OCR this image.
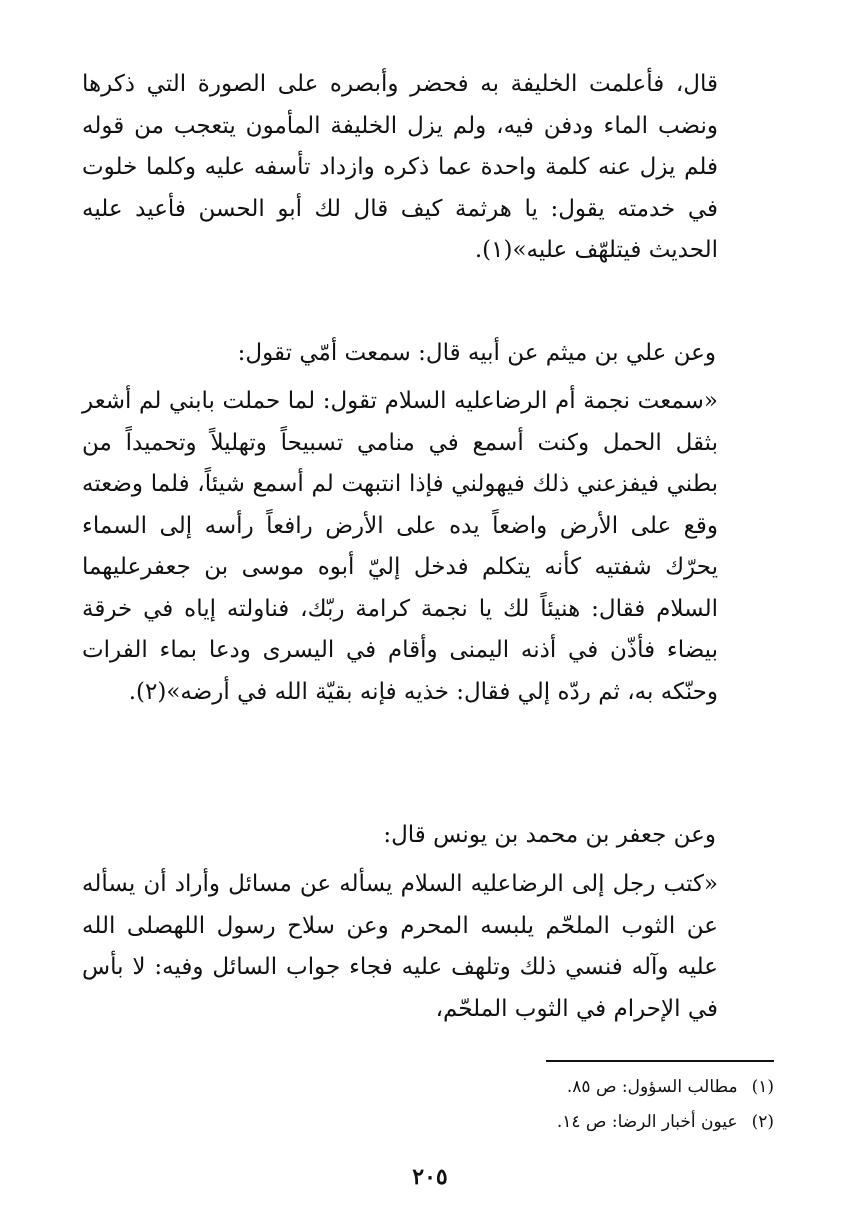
قال، فأعلمت الخليفة به فحضر وأبصره على الصورة التي ذكرها ونضب الماء ودفن فيه، ولم يزل الخليفة المأمون يتعجب من قوله فلم يزل عنه كلمة واحدة عما ذكره وازداد تأسفه عليه وكلما خلوت في خدمته يقول: يا هرثمة كيف قال لك أبو الحسن فأعيد عليه الحديث فيتلهّف عليه»(١).

وعن علي بن ميثم عن أبيه قال: سمعت أمّي تقول:

«سمعت نجمة أم الرضاعليه السلام تقول: لما حملت بابني لم أشعر بثقل الحمل وكنت أسمع في منامي تسبيحاً وتهليلاً وتحميداً من بطني فيفزعني ذلك فيهولني فإذا انتبهت لم أسمع شيئاً، فلما وضعته وقع على الأرض واضعاً يده على الأرض رافعاً رأسه إلى السماء يحرّك شفتيه كأنه يتكلم فدخل إليّ أبوه موسى بن جعفرعليهما السلام فقال: هنيئاً لك يا نجمة كرامة ربّك، فناولته إياه في خرقة بيضاء فأذّن في أذنه اليمنى وأقام في اليسرى ودعا بماء الفرات وحنّكه به، ثم ردّه إلي فقال: خذيه فإنه بقيّة الله في أرضه»(٢).

وعن جعفر بن محمد بن يونس قال:

«كتب رجل إلى الرضاعليه السلام يسأله عن مسائل وأراد أن يسأله عن الثوب الملحّم يلبسه المحرم وعن سلاح رسول اللهصلى الله عليه وآله فنسي ذلك وتلهف عليه فجاء جواب السائل وفيه: لا بأس في الإحرام في الثوب الملحّم،

(١)مطالب السؤول: ص ٨٥.
(٢)عيون أخبار الرضا: ص ١٤.
٢٠٥
